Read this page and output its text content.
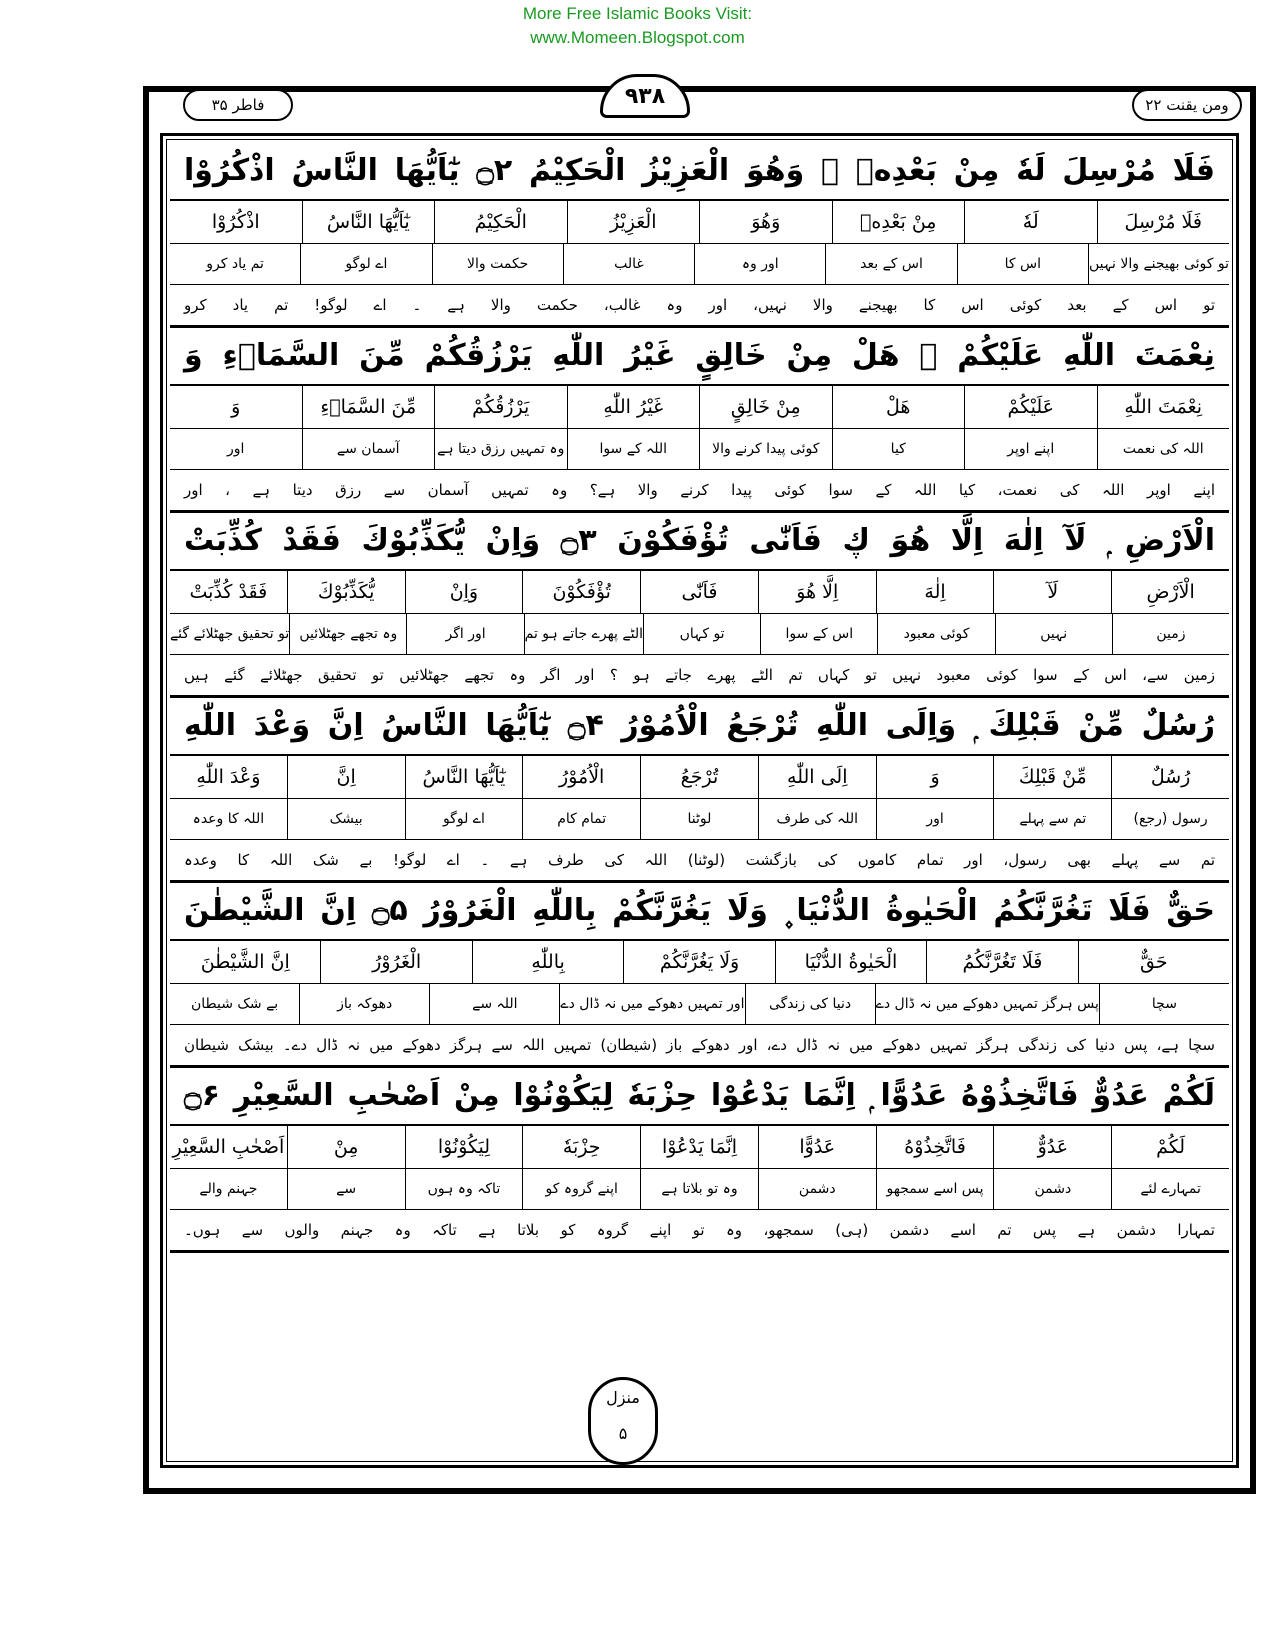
More Free Islamic Books Visit:
www.Momeen.Blogspot.com
فاطر ۳۵	۹۳۸	ومن یقنت ۲۲
فَلَا مُرْسِلَ لَهٗ مِنْ بَعْدِهٖ ۭ وَهُوَ الْعَزِيْزُ الْحَكِيْمُ ۝۲ يٰٓاَيُّهَا النَّاسُ اذْكُرُوْا
فَلَا مُرْسِلَ
لَهٗ
مِنْ بَعْدِهٖ
وَهُوَ
الْعَزِيْزُ
الْحَكِيْمُ
يٰٓاَيُّهَا النَّاسُ
اذْكُرُوْا
تو کوئی بھیجنے والا نہیں
اس کا
اس کے بعد
اور وہ
غالب
حکمت والا
اے لوگو
تم یاد کرو
تو اس کے بعد کوئی اس کا بھیجنے والا نہیں، اور وہ غالب، حکمت والا ہے ۔ اے لوگو! تم یاد کرو
نِعْمَتَ اللّٰهِ عَلَيْكُمْ ۭ هَلْ مِنْ خَالِقٍ غَيْرُ اللّٰهِ يَرْزُقُكُمْ مِّنَ السَّمَاۗءِ وَ
نِعْمَتَ اللّٰهِ
عَلَيْكُمْ
هَلْ
مِنْ خَالِقٍ
غَيْرُ اللّٰهِ
يَرْزُقُكُمْ
مِّنَ السَّمَاۗءِ
وَ
اللہ کی نعمت
اپنے اوپر
کیا
کوئی پیدا کرنے والا
اللہ کے سوا
وہ تمہیں رزق دیتا ہے
آسمان سے
اور
اپنے اوپر اللہ کی نعمت، کیا اللہ کے سوا کوئی پیدا کرنے والا ہے؟ وہ تمہیں آسمان سے رزق دیتا ہے ، اور
الْاَرْضِ ۭ لَآ اِلٰهَ اِلَّا هُوَ ڮ فَاَنّٰى تُؤْفَكُوْنَ ۝۳ وَاِنْ يُّكَذِّبُوْكَ فَقَدْ كُذِّبَتْ
الْاَرْضِ
لَآ
اِلٰهَ
اِلَّا هُوَ
فَاَنّٰى
تُؤْفَكُوْنَ
وَاِنْ
يُّكَذِّبُوْكَ
فَقَدْ كُذِّبَتْ
زمین
نہیں
کوئی معبود
اس کے سوا
تو کہاں
الٹے پھرے جاتے ہو تم
اور اگر
وہ تجھے جھٹلائیں
تو تحقیق جھٹلائے گئے
زمین سے، اس کے سوا کوئی معبود نہیں تو کہاں تم الٹے پھرے جاتے ہو ؟ اور اگر وہ تجھے جھٹلائیں تو تحقیق جھٹلائے گئے ہیں
رُسُلٌ مِّنْ قَبْلِكَ ۭ وَاِلَى اللّٰهِ تُرْجَعُ الْاُمُوْرُ ۝۴ يٰٓاَيُّهَا النَّاسُ اِنَّ وَعْدَ اللّٰهِ
رُسُلٌ
مِّنْ قَبْلِكَ
وَ
اِلَى اللّٰهِ
تُرْجَعُ
الْاُمُوْرُ
يٰٓاَيُّهَا النَّاسُ
اِنَّ
وَعْدَ اللّٰهِ
رسول (رجع)
تم سے پہلے
اور
اللہ کی طرف
لوٹنا
تمام کام
اے لوگو
بیشک
اللہ کا وعدہ
تم سے پہلے بھی رسول، اور تمام کاموں کی بازگشت (لوٹنا) اللہ کی طرف ہے ۔ اے لوگو! بے شک اللہ کا وعدہ
حَقٌّ فَلَا تَغُرَّنَّكُمُ الْحَيٰوةُ الدُّنْيَا ۪ وَلَا يَغُرَّنَّكُمْ بِاللّٰهِ الْغَرُوْرُ ۝۵ اِنَّ الشَّيْطٰنَ
حَقٌّ
فَلَا تَغُرَّنَّكُمُ
الْحَيٰوةُ الدُّنْيَا
وَلَا يَغُرَّنَّكُمْ
بِاللّٰهِ
الْغَرُوْرُ
اِنَّ الشَّيْطٰنَ
سچا
پس ہرگز تمہیں دھوکے میں نہ ڈال دے
دنیا کی زندگی
اور تمہیں دھوکے میں نہ ڈال دے
اللہ سے
دھوکہ باز
بے شک شیطان
سچا ہے، پس دنیا کی زندگی ہرگز تمہیں دھوکے میں نہ ڈال دے، اور دھوکے باز (شیطان) تمہیں اللہ سے ہرگز دھوکے میں نہ ڈال دے۔ بیشک شیطان
لَكُمْ عَدُوٌّ فَاتَّخِذُوْهُ عَدُوًّا ۭ اِنَّمَا يَدْعُوْا حِزْبَهٗ لِيَكُوْنُوْا مِنْ اَصْحٰبِ السَّعِيْرِ ۝۶
لَكُمْ
عَدُوٌّ
فَاتَّخِذُوْهُ
عَدُوًّا
اِنَّمَا يَدْعُوْا
حِزْبَهٗ
لِيَكُوْنُوْا
مِنْ
اَصْحٰبِ السَّعِيْرِ
تمہارے لئے
دشمن
پس اسے سمجھو
دشمن
وہ تو بلاتا ہے
اپنے گروہ کو
تاکہ وہ ہوں
سے
جہنم والے
تمہارا دشمن ہے پس تم اسے دشمن (ہی) سمجھو، وہ تو اپنے گروہ کو بلاتا ہے تاکہ وہ جہنم والوں سے ہوں۔
منزل
۵
